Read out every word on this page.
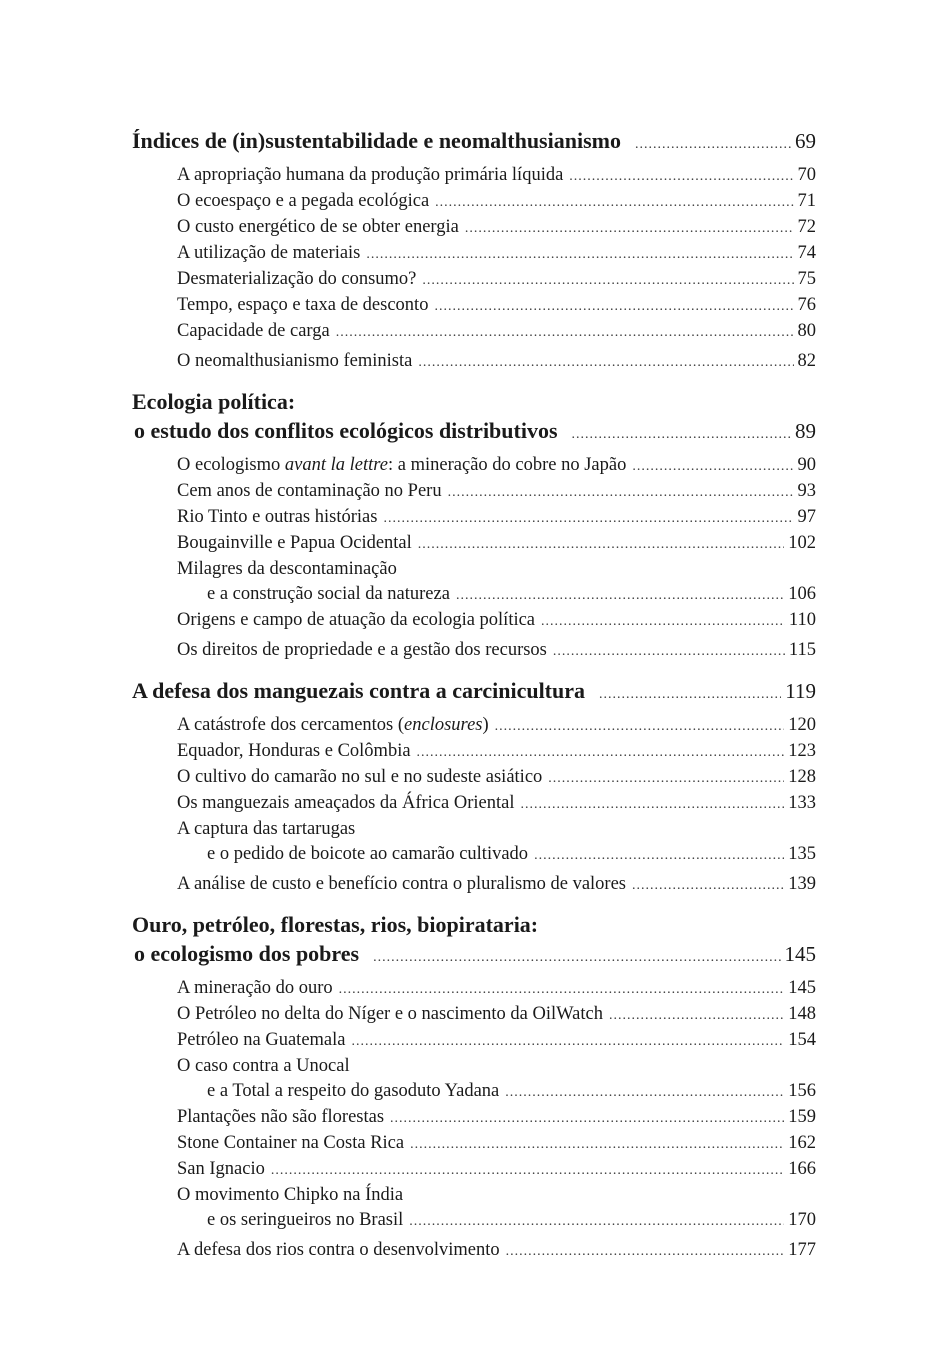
Índices de (in)sustentabilidade e neomalthusianismo .....	69
A apropriação humana da produção primária líquida .....	70
O ecoespaço e a pegada ecológica .....	71
O custo energético de se obter energia .....	72
A utilização de materiais .....	74
Desmaterialização do consumo? .....	75
Tempo, espaço e taxa de desconto .....	76
Capacidade de carga .....	80
O neomalthusianismo feminista .....	82
Ecologia política:
o estudo dos conflitos ecológicos distributivos .....	89
O ecologismo avant la lettre: a mineração do cobre no Japão .....	90
Cem anos de contaminação no Peru .....	93
Rio Tinto e outras histórias .....	97
Bougainville e Papua Ocidental .....	102
Milagres da descontaminação
e a construção social da natureza .....	106
Origens e campo de atuação da ecologia política .....	110
Os direitos de propriedade e a gestão dos recursos .....	115
A defesa dos manguezais contra a carcinicultura .....	119
A catástrofe dos cercamentos (enclosures) .....	120
Equador, Honduras e Colômbia .....	123
O cultivo do camarão no sul e no sudeste asiático .....	128
Os manguezais ameaçados da África Oriental .....	133
A captura das tartarugas
e o pedido de boicote ao camarão cultivado .....	135
A análise de custo e benefício contra o pluralismo de valores .....	139
Ouro, petróleo, florestas, rios, biopirataria:
o ecologismo dos pobres .....	145
A mineração do ouro .....	145
O Petróleo no delta do Níger e o nascimento da OilWatch .....	148
Petróleo na Guatemala .....	154
O caso contra a Unocal
e a Total a respeito do gasoduto Yadana .....	156
Plantações não são florestas .....	159
Stone Container na Costa Rica .....	162
San Ignacio .....	166
O movimento Chipko na Índia
e os seringueiros no Brasil .....	170
A defesa dos rios contra o desenvolvimento .....	177
